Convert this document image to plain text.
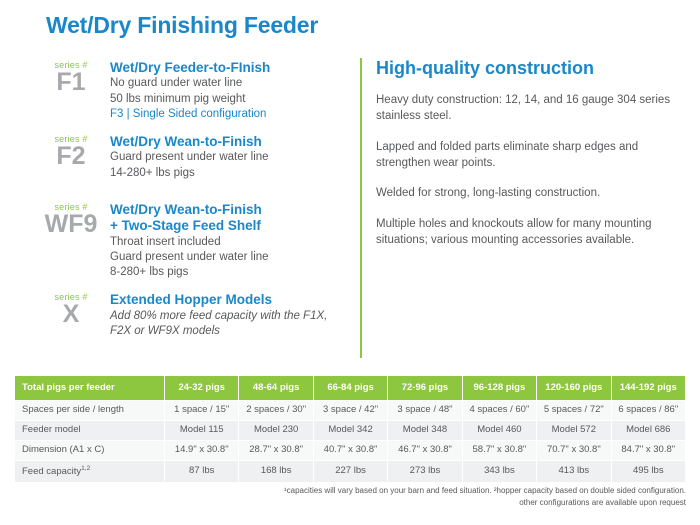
Wet/Dry Finishing Feeder
series #
F1
Wet/Dry Feeder-to-FInish
No guard under water line
50 lbs minimum pig weight
F3 | Single Sided configuration
series #
F2
Wet/Dry Wean-to-Finish
Guard present under water line
14-280+ lbs pigs
series #
WF9
Wet/Dry Wean-to-Finish
+ Two-Stage Feed Shelf
Throat insert included
Guard present under water line
8-280+ lbs pigs
series #
X
Extended Hopper Models
Add 80% more feed capacity with the F1X,
F2X or WF9X models
High-quality construction
Heavy duty construction: 12, 14, and 16 gauge 304 series stainless steel.
Lapped and folded parts eliminate sharp edges and strengthen wear points.
Welded for strong, long-lasting construction.
Multiple holes and knockouts allow for many mounting situations; various mounting accessories available.
Total pigs per feeder	24-32 pigs	48-64 pigs	66-84 pigs	72-96 pigs	96-128 pigs	120-160 pigs	144-192 pigs
Spaces per side / length	1 space / 15"	2 spaces / 30"	3 space / 42"	3 space / 48"	4 spaces / 60"	5 spaces / 72"	6 spaces / 86"
Feeder model	Model 115	Model 230	Model 342	Model 348	Model 460	Model 572	Model 686
Dimension (A1 x C)	14.9" x 30.8"	28.7" x 30.8"	40.7" x 30.8"	46.7" x 30.8"	58.7" x 30.8"	70.7" x 30.8"	84.7" x 30.8"
Feed capacity$^{1,2}$	87 lbs	168 lbs	227 lbs	273 lbs	343 lbs	413 lbs	495 lbs
¹capacities will vary based on your barn and feed situation. ²hopper capacity based on double sided configuration.
other configurations are available upon request
